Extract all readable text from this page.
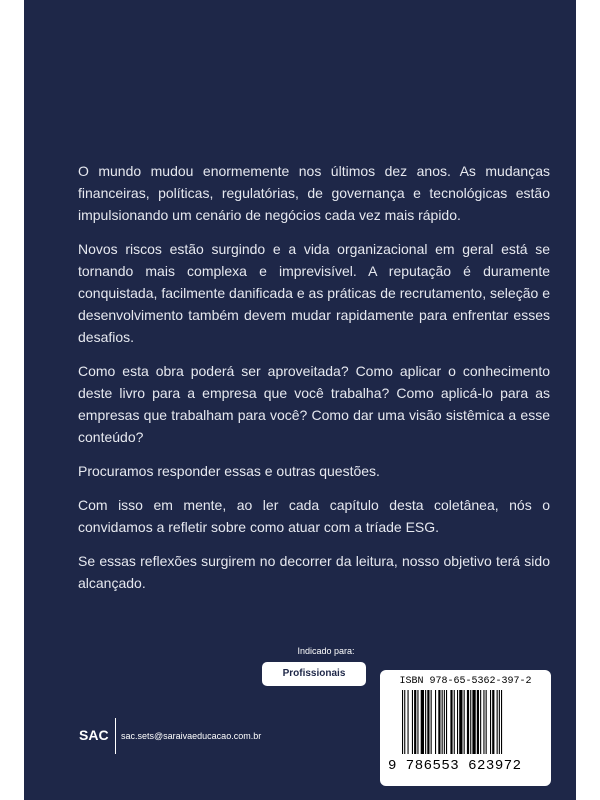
O mundo mudou enormemente nos últimos dez anos. As mudanças financeiras, políticas, regulatórias, de governança e tecnológicas estão impulsionando um cenário de negócios cada vez mais rápido.

Novos riscos estão surgindo e a vida organizacional em geral está se tornando mais complexa e imprevisível. A reputação é duramente conquistada, facilmente danificada e as práticas de recrutamento, seleção e desenvolvimento também devem mudar rapidamente para enfrentar esses desafios.

Como esta obra poderá ser aproveitada? Como aplicar o conhecimento deste livro para a empresa que você trabalha? Como aplicá-lo para as empresas que trabalham para você? Como dar uma visão sistêmica a esse conteúdo?

Procuramos responder essas e outras questões.

Com isso em mente, ao ler cada capítulo desta coletânea, nós o convidamos a refletir sobre como atuar com a tríade ESG.

Se essas reflexões surgirem no decorrer da leitura, nosso objetivo terá sido alcançado.

Indicado para:
Profissionais
SAC sac.sets@saraivaeducacao.com.br
ISBN 978-65-5362-397-2
9 786553 623972
